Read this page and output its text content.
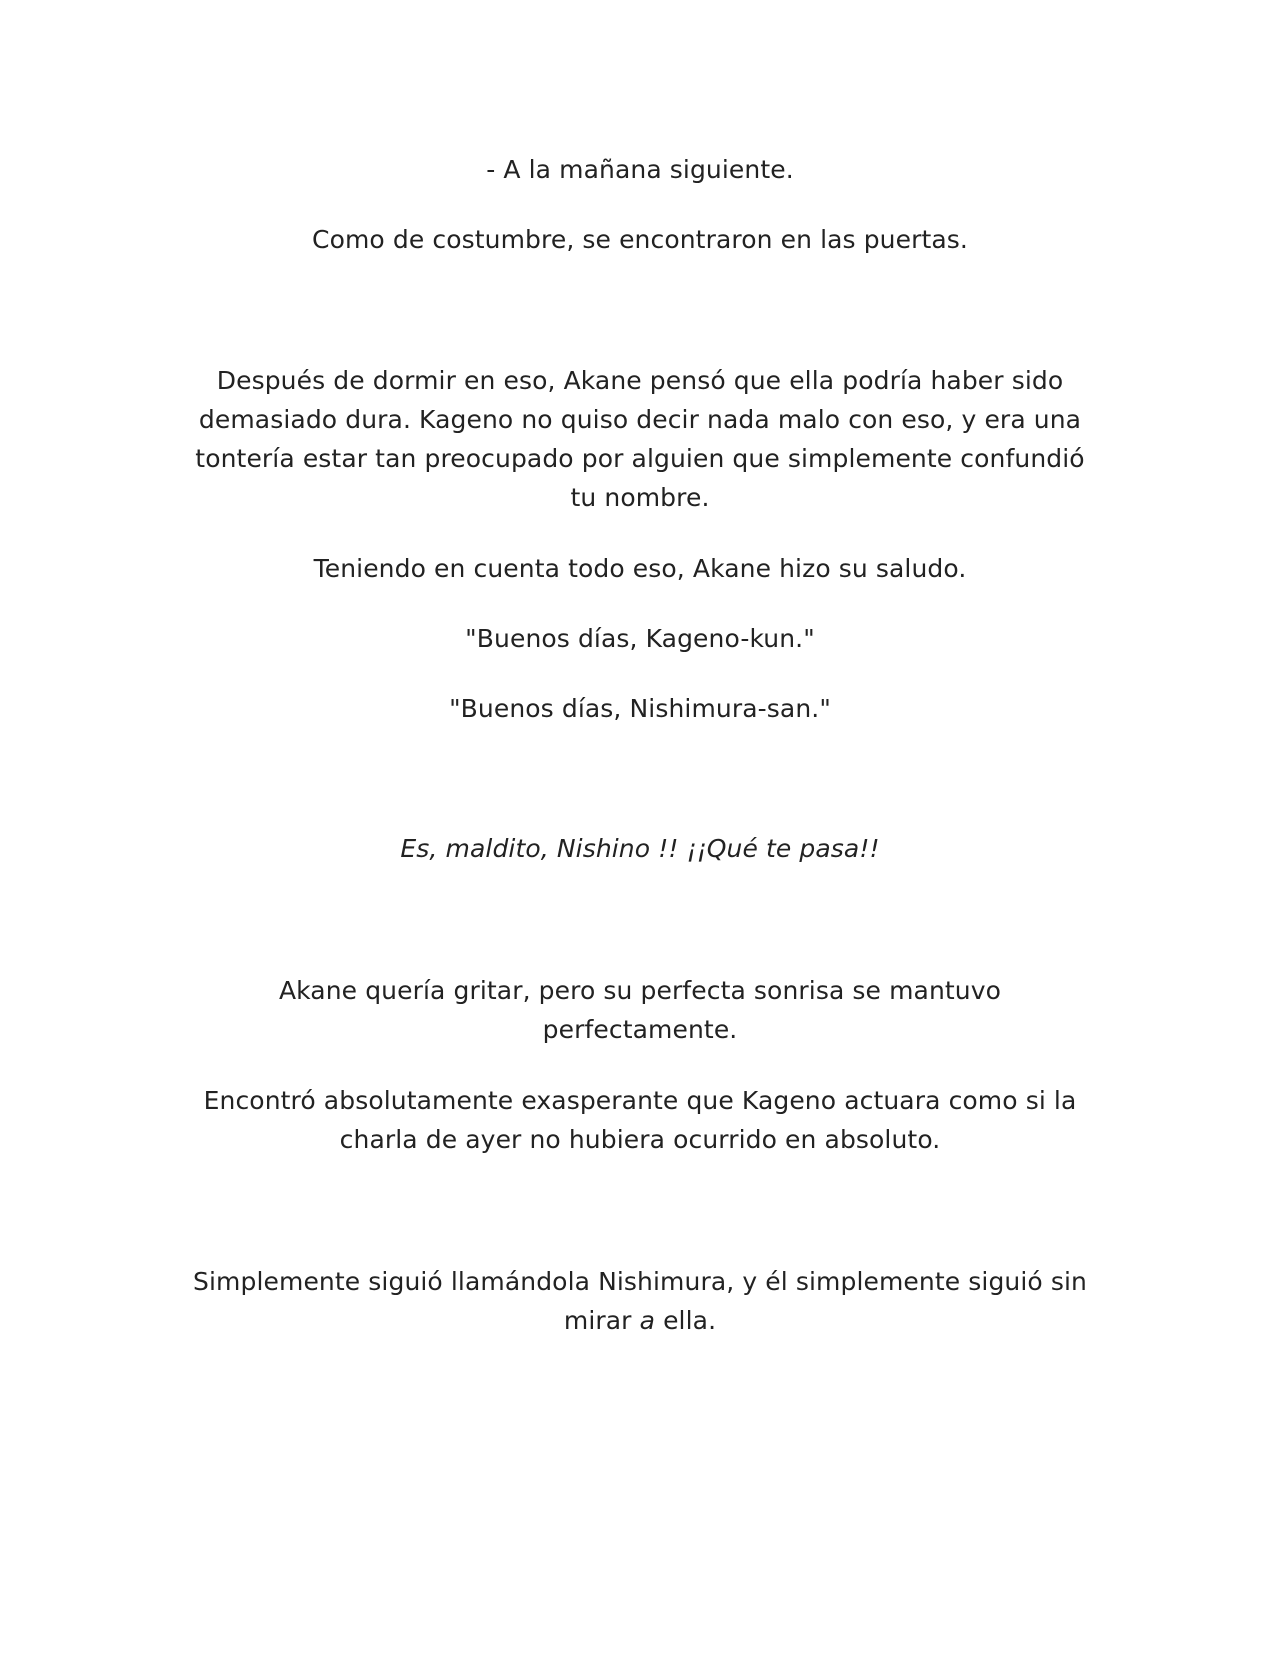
- A la mañana siguiente.

Como de costumbre, se encontraron en las puertas.

Después de dormir en eso, Akane pensó que ella podría haber sido demasiado dura. Kageno no quiso decir nada malo con eso, y era una tontería estar tan preocupado por alguien que simplemente confundió tu nombre.

Teniendo en cuenta todo eso, Akane hizo su saludo.

"Buenos días, Kageno-kun."

"Buenos días, Nishimura-san."

Es, maldito, Nishino !! ¡¡Qué te pasa!!

Akane quería gritar, pero su perfecta sonrisa se mantuvo perfectamente.

Encontró absolutamente exasperante que Kageno actuara como si la charla de ayer no hubiera ocurrido en absoluto.

Simplemente siguió llamándola Nishimura, y él simplemente siguió sin mirar a ella.
